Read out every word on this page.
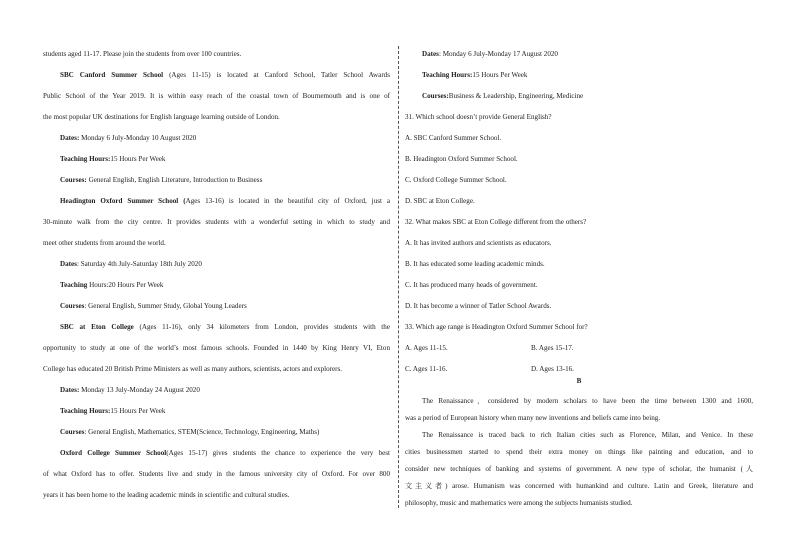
students aged 11-17. Please join the students from over 100 countries.
SBC Canford Summer School (Ages 11-15) is located at Canford School, Tatler School Awards
Public School of the Year 2019. It is within easy reach of the coastal town of Bournemouth and is one of
the most popular UK destinations for English language learning outside of London.
Dates: Monday 6 July-Monday 10 August 2020
Teaching Hours:15 Hours Per Week
Courses: General English, English Literature, Introduction to Business
Headington Oxford Summer School (Ages 13-16) is located in the beautiful city of Oxford, just a
30-minute walk from the city centre. It provides students with a wonderful setting in which to study and
meet other students from around the world.
Dates: Saturday 4th July-Saturday 18th July 2020
Teaching Hours:20 Hours Per Week
Courses: General English, Summer Study, Global Young Leaders
SBC at Eton College (Ages 11-16), only 34 kilometers from London, provides students with the
opportunity to study at one of the world’s most famous schools. Founded in 1440 by King Henry VI, Eton
College has educated 20 British Prime Ministers as well as many authors, scientists, actors and explorers.
Dates: Monday 13 July-Monday 24 August 2020
Teaching Hours:15 Hours Per Week
Courses: General English, Mathematics, STEM(Science, Technology, Engineering, Maths)
Oxford College Summer School(Ages 15-17) gives students the chance to experience the very best
of what Oxford has to offer. Students live and study in the famous university city of Oxford. For over 800
years it has been home to the leading academic minds in scientific and cultural studies.
Dates: Monday 6 July-Monday 17 August 2020
Teaching Hours:15 Hours Per Week
Courses:Business & Leadership, Engineering, Medicine
31. Which school doesn’t provide General English?
A. SBC Canford Summer School.
B. Headington Oxford Summer School.
C. Oxford College Summer School.
D. SBC at Eton College.
32. What makes SBC at Eton College different from the others?
A. It has invited authors and scientists as educators.
B. It has educated some leading academic minds.
C. It has produced many heads of government.
D. It has become a winner of Tatler School Awards.
33. Which age range is Headington Oxford Summer School for?
A. Ages 11-15.	B. Ages 15-17.
C. Ages 11-16.	D. Ages 13-16.
B
The Renaissance，considered by modern scholars to have been the time between 1300 and 1600,
was a period of European history when many new inventions and beliefs came into being.
The Renaissance is traced back to rich Italian cities such as Florence, Milan, and Venice. In these
cities businessmen started to spend their extra money on things like painting and education, and to
consider new techniques of banking and systems of government. A new type of scholar, the humanist (人
文主义者) arose. Humanism was concerned with humankind and culture. Latin and Greek, literature and
philosophy, music and mathematics were among the subjects humanists studied.
